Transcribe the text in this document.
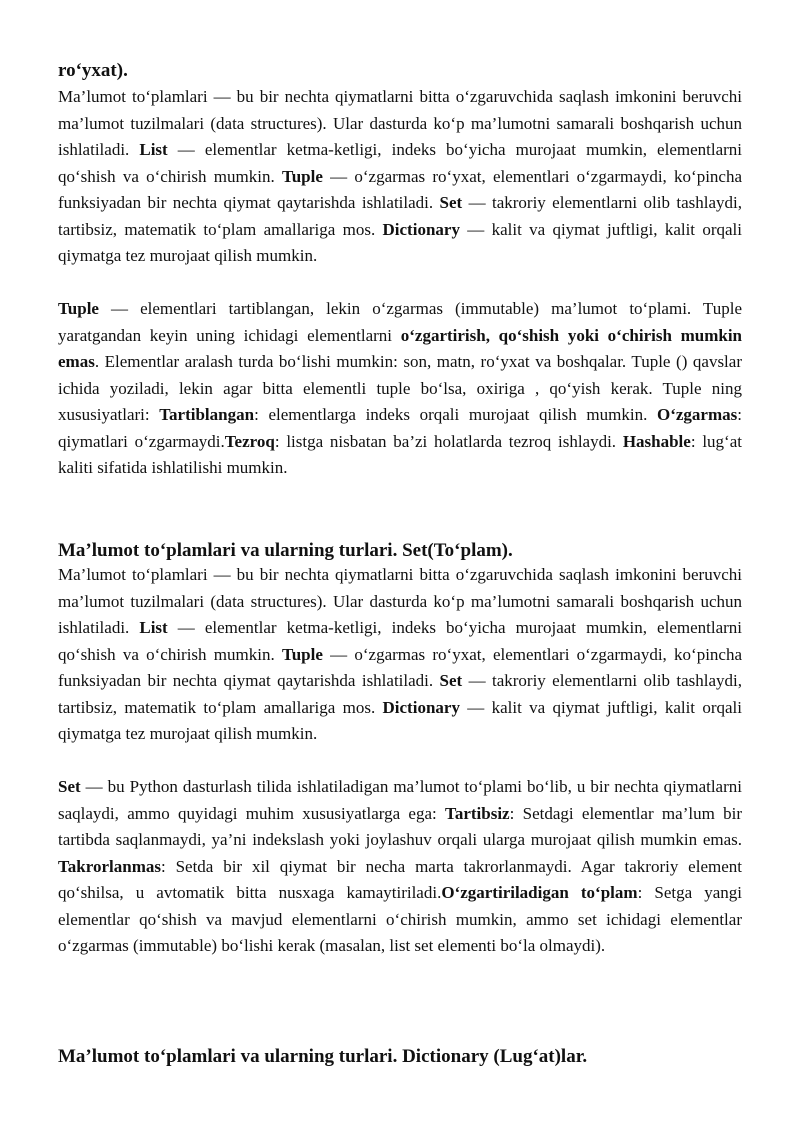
ro‘yxat).

Ma’lumot to‘plamlari — bu bir nechta qiymatlarni bitta o‘zgaruvchida saqlash imkonini beruvchi ma’lumot tuzilmalari (data structures). Ular dasturda ko‘p ma’lumotni samarali boshqarish uchun ishlatiladi. List — elementlar ketma-ketligi, indeks bo‘yicha murojaat mumkin, elementlarni qo‘shish va o‘chirish mumkin. Tuple — o‘zgarmas ro‘yxat, elementlari o‘zgarmaydi, ko‘pincha funksiyadan bir nechta qiymat qaytarishda ishlatiladi. Set — takroriy elementlarni olib tashlaydi, tartibsiz, matematik to‘plam amallariga mos. Dictionary — kalit va qiymat juftligi, kalit orqali qiymatga tez murojaat qilish mumkin.

Tuple — elementlari tartiblangan, lekin o‘zgarmas (immutable) ma’lumot to‘plami. Tuple yaratgandan keyin uning ichidagi elementlarni o‘zgartirish, qo‘shish yoki o‘chirish mumkin emas. Elementlar aralash turda bo‘lishi mumkin: son, matn, ro‘yxat va boshqalar. Tuple () qavslar ichida yoziladi, lekin agar bitta elementli tuple bo‘lsa, oxiriga , qo‘yish kerak. Tuple ning xususiyatlari: Tartiblangan: elementlarga indeks orqali murojaat qilish mumkin. O‘zgarmas: qiymatlari o‘zgarmaydi.Tezroq: listga nisbatan ba’zi holatlarda tezroq ishlaydi. Hashable: lug‘at kaliti sifatida ishlatilishi mumkin.

Ma’lumot to‘plamlari va ularning turlari. Set(To‘plam).

Ma’lumot to‘plamlari — bu bir nechta qiymatlarni bitta o‘zgaruvchida saqlash imkonini beruvchi ma’lumot tuzilmalari (data structures). Ular dasturda ko‘p ma’lumotni samarali boshqarish uchun ishlatiladi. List — elementlar ketma-ketligi, indeks bo‘yicha murojaat mumkin, elementlarni qo‘shish va o‘chirish mumkin. Tuple — o‘zgarmas ro‘yxat, elementlari o‘zgarmaydi, ko‘pincha funksiyadan bir nechta qiymat qaytarishda ishlatiladi. Set — takroriy elementlarni olib tashlaydi, tartibsiz, matematik to‘plam amallariga mos. Dictionary — kalit va qiymat juftligi, kalit orqali qiymatga tez murojaat qilish mumkin.

Set — bu Python dasturlash tilida ishlatiladigan ma’lumot to‘plami bo‘lib, u bir nechta qiymatlarni saqlaydi, ammo quyidagi muhim xususiyatlarga ega: Tartibsiz: Setdagi elementlar ma’lum bir tartibda saqlanmaydi, ya’ni indekslash yoki joylashuv orqali ularga murojaat qilish mumkin emas. Takrorlanmas: Setda bir xil qiymat bir necha marta takrorlanmaydi. Agar takroriy element qo‘shilsa, u avtomatik bitta nusxaga kamaytiriladi.O‘zgartiriladigan to‘plam: Setga yangi elementlar qo‘shish va mavjud elementlarni o‘chirish mumkin, ammo set ichidagi elementlar o‘zgarmas (immutable) bo‘lishi kerak (masalan, list set elementi bo‘la olmaydi).

Ma’lumot to‘plamlari va ularning turlari. Dictionary (Lug‘at)lar.
